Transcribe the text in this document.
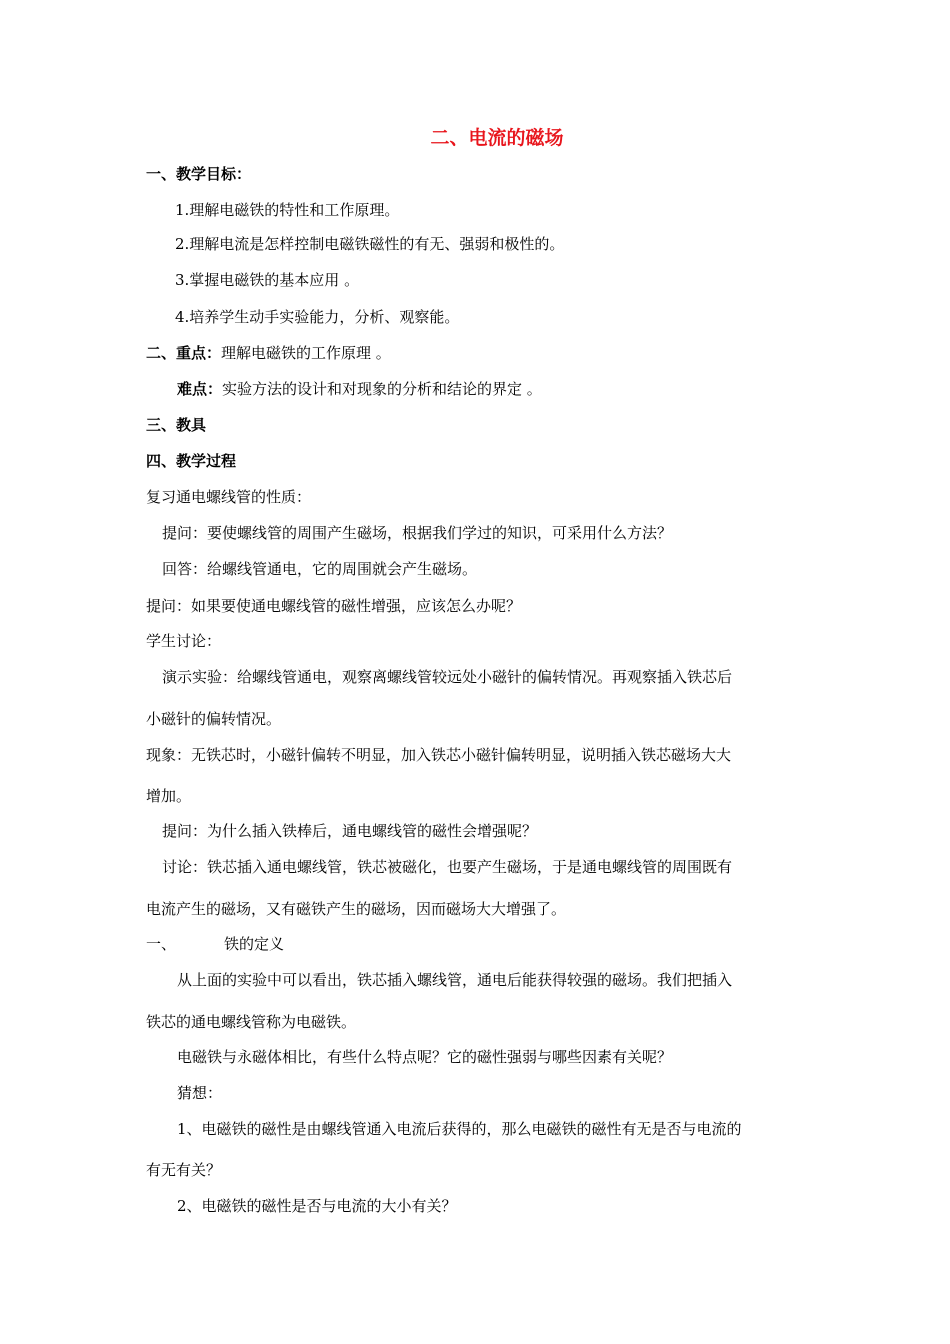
二、电流的磁场
一、教学目标：
1.理解电磁铁的特性和工作原理。
2.理解电流是怎样控制电磁铁磁性的有无、强弱和极性的。
3.掌握电磁铁的基本应用 。
4.培养学生动手实验能力，分析、观察能。
二、重点：理解电磁铁的工作原理 。
难点：实验方法的设计和对现象的分析和结论的界定 。
三、教具
四、教学过程
复习通电螺线管的性质：
提问：要使螺线管的周围产生磁场，根据我们学过的知识，可采用什么方法？
回答：给螺线管通电，它的周围就会产生磁场。
提问：如果要使通电螺线管的磁性增强，应该怎么办呢？
学生讨论：
演示实验：给螺线管通电，观察离螺线管较远处小磁针的偏转情况。再观察插入铁芯后
小磁针的偏转情况。
现象：无铁芯时，小磁针偏转不明显，加入铁芯小磁针偏转明显，说明插入铁芯磁场大大
增加。
提问：为什么插入铁棒后，通电螺线管的磁性会增强呢？
讨论：铁芯插入通电螺线管，铁芯被磁化，也要产生磁场，于是通电螺线管的周围既有
电流产生的磁场，又有磁铁产生的磁场，因而磁场大大增强了。
一、	铁的定义
从上面的实验中可以看出，铁芯插入螺线管，通电后能获得较强的磁场。我们把插入
铁芯的通电螺线管称为电磁铁。
电磁铁与永磁体相比，有些什么特点呢？它的磁性强弱与哪些因素有关呢？
猜想：
1、电磁铁的磁性是由螺线管通入电流后获得的，那么电磁铁的磁性有无是否与电流的
有无有关？
2、电磁铁的磁性是否与电流的大小有关？
